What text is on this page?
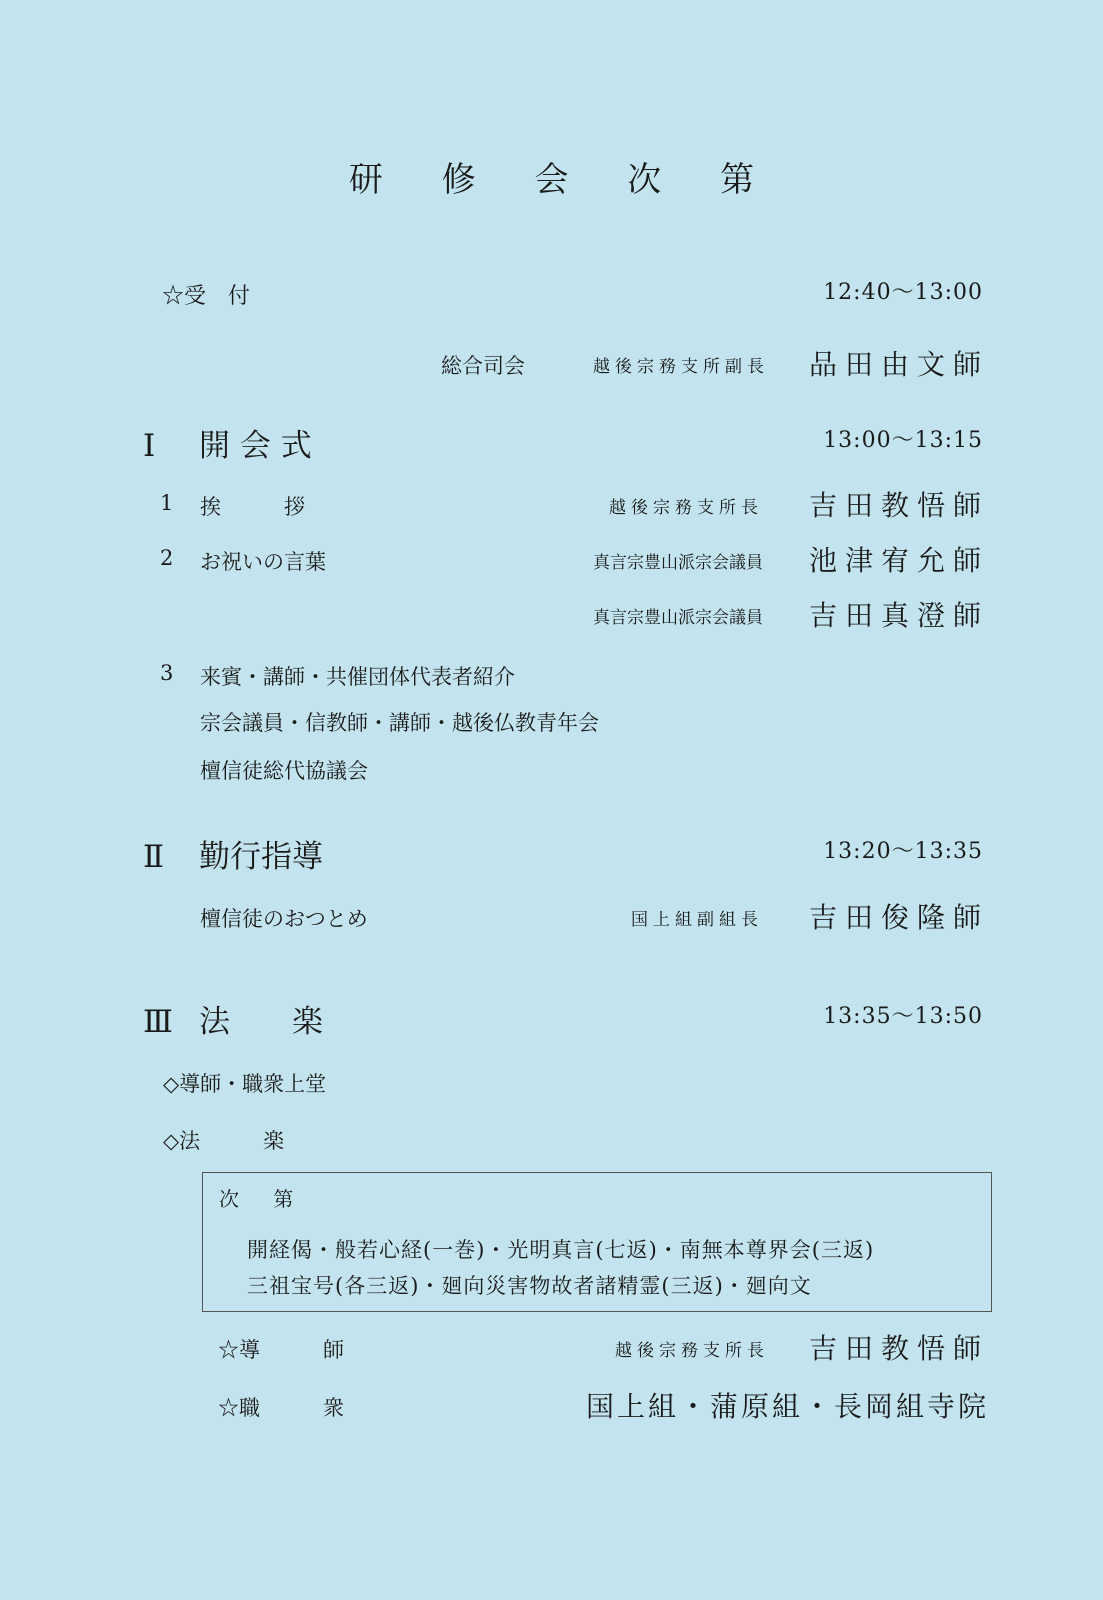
研 修 会 次 第
☆受　付	12:40〜13:00
総合司会	越後宗務支所副長 品田由文師
Ⅰ 開 会 式	13:00〜13:15
1 挨　　　拶	越後宗務支所長 吉田教悟師
2 お祝いの言葉	真言宗豊山派宗会議員 池津宥允師
真言宗豊山派宗会議員 吉田真澄師
3 来賓・講師・共催団体代表者紹介
宗会議員・信教師・講師・越後仏教青年会
檀信徒総代協議会
Ⅱ 勤行指導	13:20〜13:35
檀信徒のおつとめ	国上組副組長 吉田俊隆師
Ⅲ 法　　楽	13:35〜13:50
◇導師・職衆上堂
◇法　　　楽
次 第
開経偈・般若心経(一巻)・光明真言(七返)・南無本尊界会(三返)
三祖宝号(各三返)・廻向災害物故者諸精霊(三返)・廻向文
☆導　　　師	越後宗務支所長 吉田教悟師
☆職　　　衆	国上組・蒲原組・長岡組寺院
